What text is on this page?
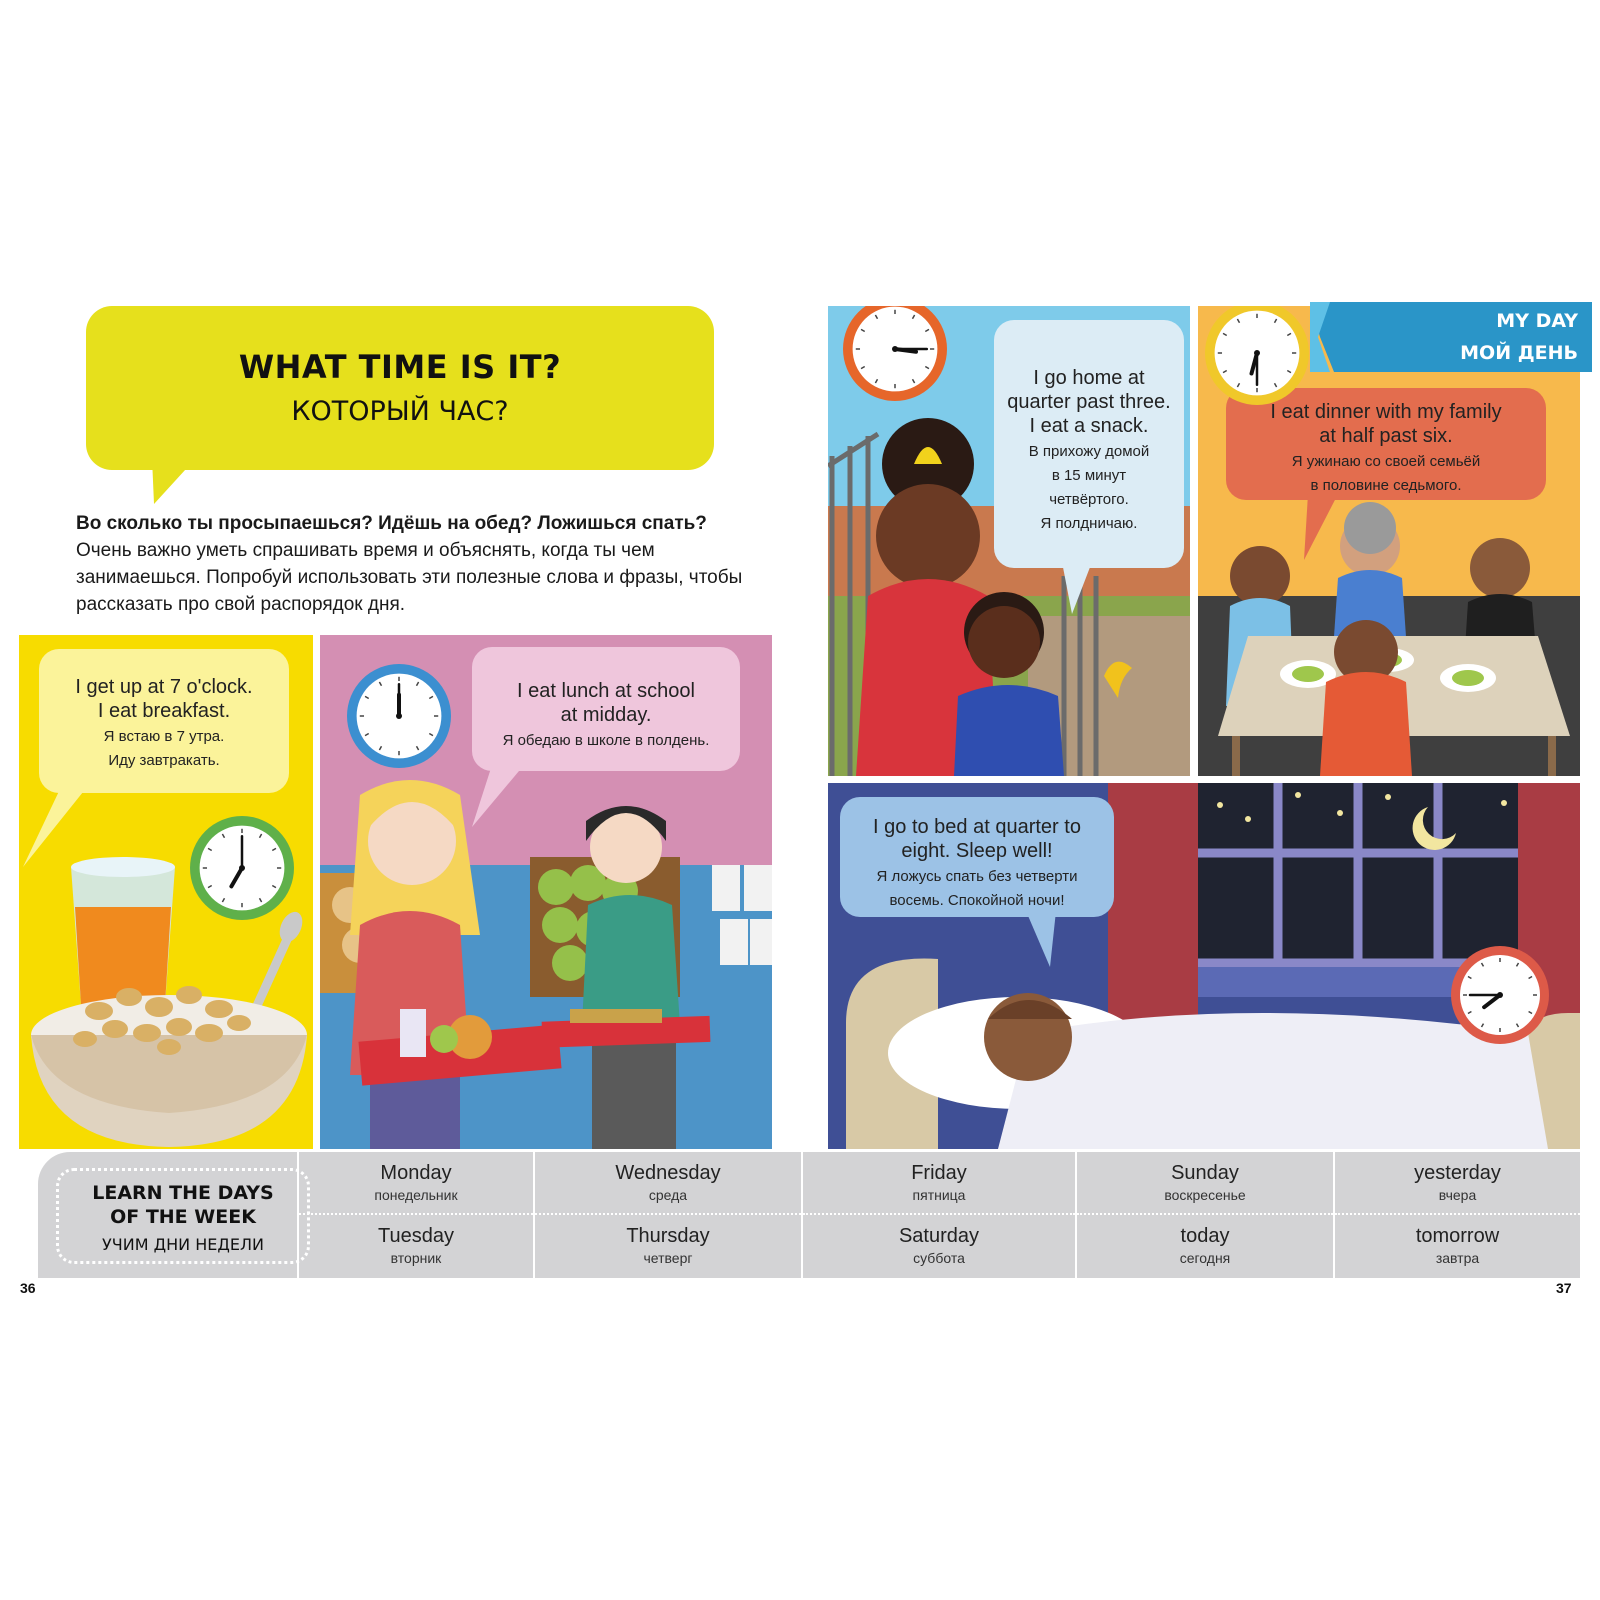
WHAT TIME IS IT?
КОТОРЫЙ ЧАС?
Во сколько ты просыпаешься? Идёшь на обед? Ложишься спать?
Очень важно уметь спрашивать время и объяснять, когда ты чем занимаешься. Попробуй использовать эти полезные слова и фразы, чтобы рассказать про свой распорядок дня.
I get up at 7 o'clock.
I eat breakfast.
Я встаю в 7 утра.
Иду завтракать.
I eat lunch at school
at midday.
Я обедаю в школе в полдень.
I go home at
quarter past three.
I eat a snack.
В прихожу домой
в 15 минут
четвёртого.
Я полдничаю.
I eat dinner with my family
at half past six.
Я ужинаю со своей семьёй
в половине седьмого.
MY DAY
МОЙ ДЕНЬ
I go to bed at quarter to
eight. Sleep well!
Я ложусь спать без четверти
восемь. Спокойной ночи!
LEARN THE DAYS
OF THE WEEK
УЧИМ ДНИ НЕДЕЛИ
Monday
понедельник
Tuesday
вторник
Wednesday
среда
Thursday
четверг
Friday
пятница
Saturday
суббота
Sunday
воскресенье
today
сегодня
yesterday
вчера
tomorrow
завтра
36	37
